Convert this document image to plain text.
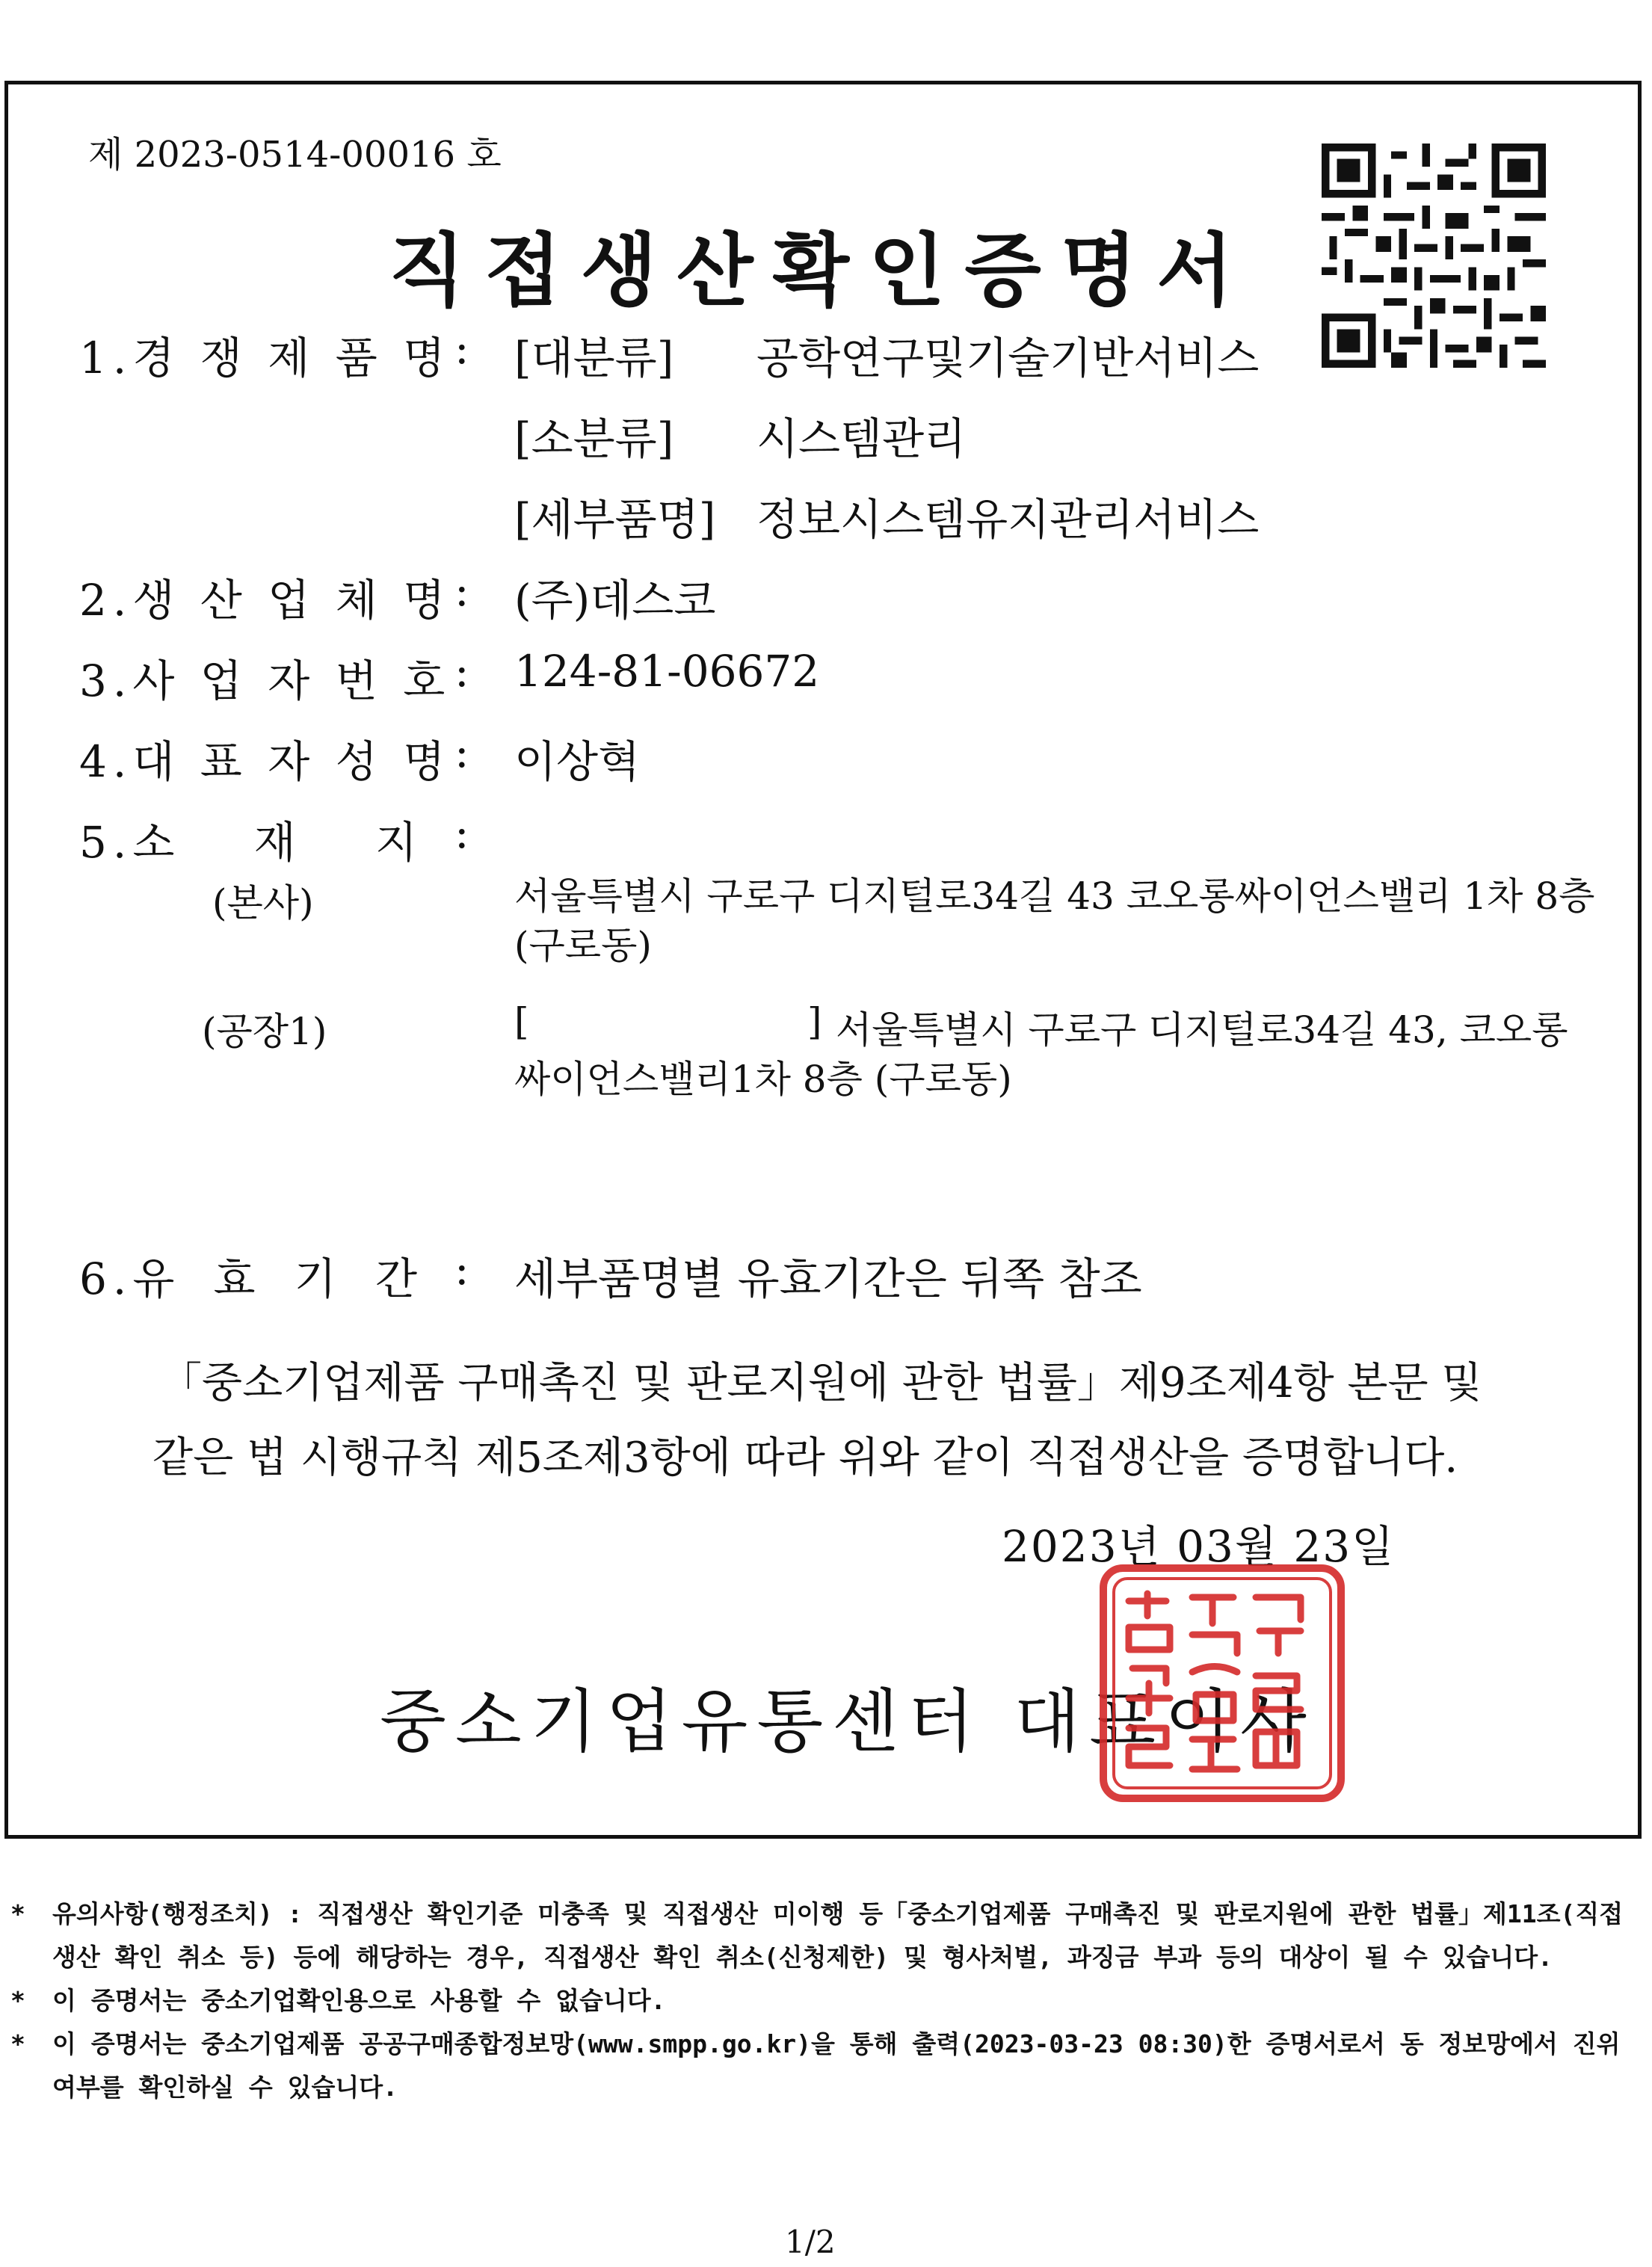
제 2023-0514-00016 호
직접생산확인증명서
1.경 쟁 제 품 명 : [대분류] 공학연구및기술기반서비스
[소분류] 시스템관리
[세부품명] 정보시스템유지관리서비스
2.생 산 업 체 명 : (주)데스코
3.사 업 자 번 호 : 124-81-06672
4.대 표 자 성 명 : 이상혁
5.소 재 지 :
(본사)	서울특별시 구로구 디지털로34길 43 코오롱싸이언스밸리 1차 8층 (구로동)
(공장1)	[	] 서울특별시 구로구 디지털로34길 43, 코오롱
싸이언스밸리1차 8층 (구로동)
6.유 효 기 간 : 세부품명별 유효기간은 뒤쪽 참조
「중소기업제품 구매촉진 및 판로지원에 관한 법률」제9조제4항 본문 및
같은 법 시행규칙 제5조제3항에 따라 위와 같이 직접생산을 증명합니다.
2023년 03월 23일
중소기업유통센터 대표이사
* 유의사항(행정조치) : 직접생산 확인기준 미충족 및 직접생산 미이행 등「중소기업제품 구매촉진 및 판로지원에 관한 법률」제11조(직접생산 확인 취소 등) 등에 해당하는 경우, 직접생산 확인 취소(신청제한) 및 형사처벌, 과징금 부과 등의 대상이 될 수 있습니다.
* 이 증명서는 중소기업확인용으로 사용할 수 없습니다.
* 이 증명서는 중소기업제품 공공구매종합정보망(www.smpp.go.kr)을 통해 출력(2023-03-23 08:30)한 증명서로서 동 정보망에서 진위여부를 확인하실 수 있습니다.
1/2
